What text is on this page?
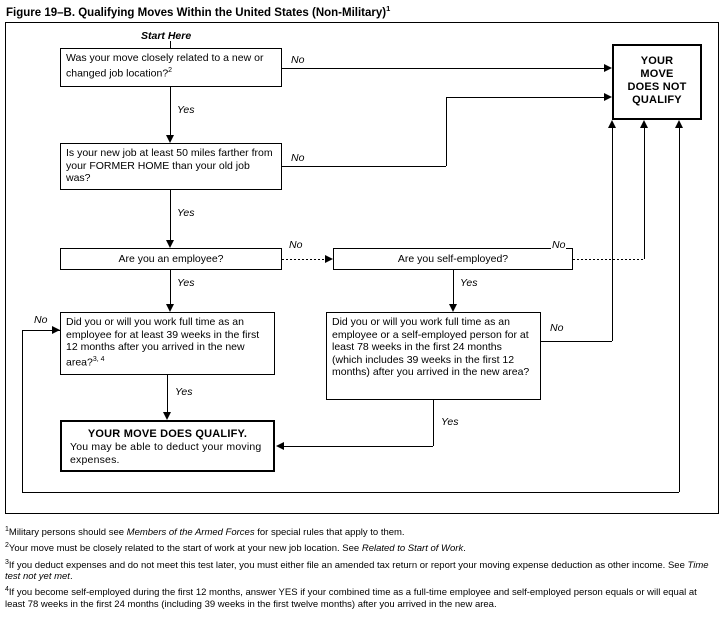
Figure 19–B. Qualifying Moves Within the United States (Non-Military)$^1$
Start Here
Was your move closely related to a new or changed job location?$^2$
Is your new job at least 50 miles farther from your FORMER HOME than your old job was?
Are you an employee?	Are you self-employed?
Did you or will you work full time as an employee for at least 39 weeks in the first 12 months after you arrived in the new area?$^{3, 4}$
Did you or will you work full time as an employee or a self-employed person for at least 78 weeks in the first 24 months (which includes 39 weeks in the first 12 months) after you arrived in the new area?
YOUR MOVE DOES QUALIFY.
You may be able to deduct your moving expenses.
YOUR
MOVE
DOES NOT
QUALIFY
No
Yes
No
Yes
No
Yes
No
Yes
No
Yes
No
Yes
$^1$Military persons should see Members of the Armed Forces for special rules that apply to them.
$^2$Your move must be closely related to the start of work at your new job location. See Related to Start of Work.
$^3$If you deduct expenses and do not meet this test later, you must either file an amended tax return or report your moving expense deduction as other income. See Time test not yet met.
$^4$If you become self-employed during the first 12 months, answer YES if your combined time as a full-time employee and self-employed person equals or will equal at least 78 weeks in the first 24 months (including 39 weeks in the first twelve months) after you arrived in the new area.
